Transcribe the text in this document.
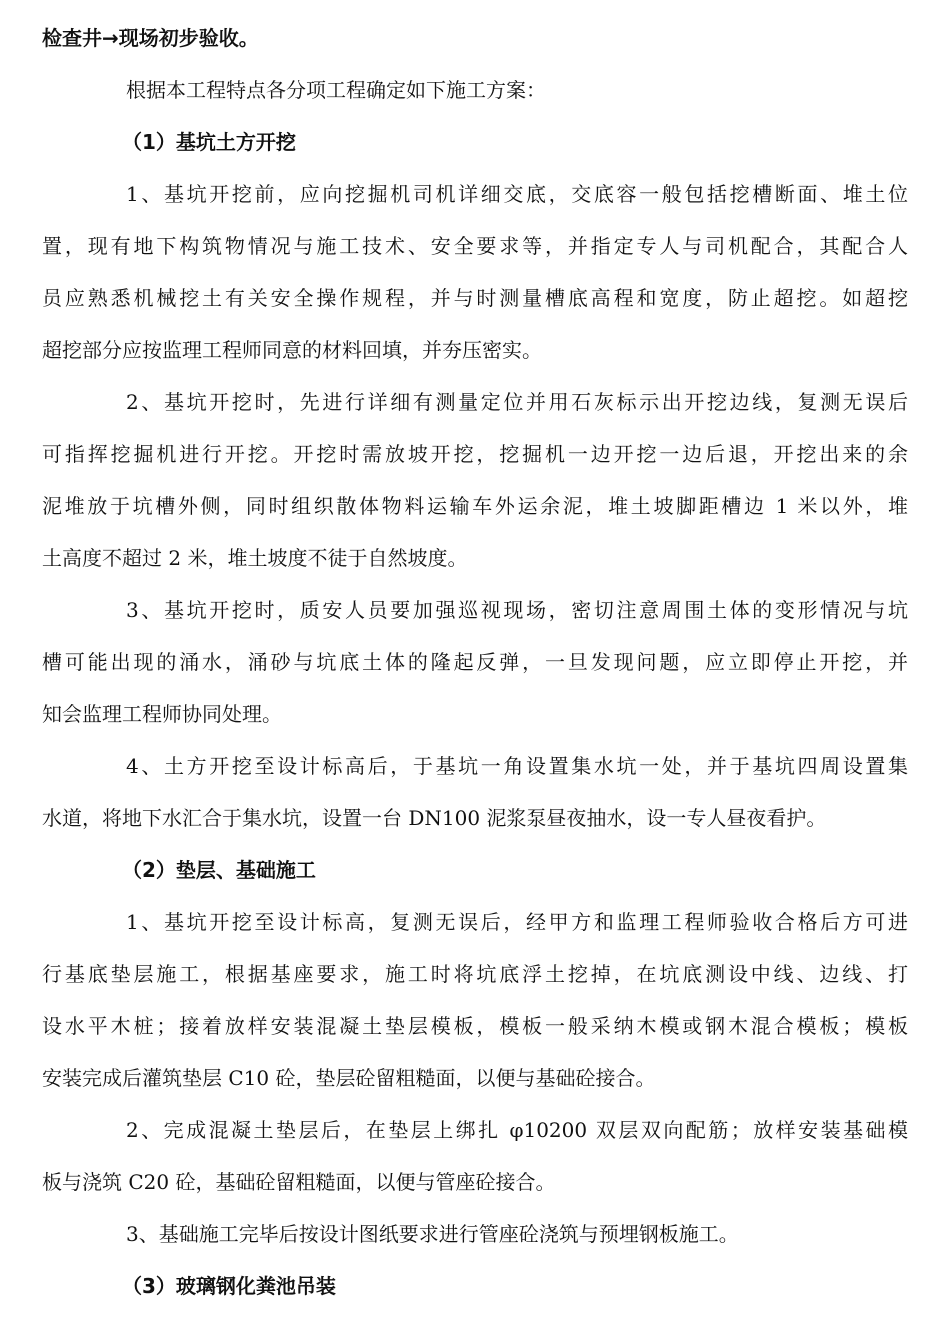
检查井→现场初步验收。

根据本工程特点各分项工程确定如下施工方案：

（1）基坑土方开挖

1、基坑开挖前，应向挖掘机司机详细交底，交底容一般包括挖槽断面、堆土位
置，现有地下构筑物情况与施工技术、安全要求等，并指定专人与司机配合，其配合人
员应熟悉机械挖土有关安全操作规程，并与时测量槽底高程和宽度，防止超挖。如超挖
超挖部分应按监理工程师同意的材料回填，并夯压密实。

2、基坑开挖时，先进行详细有测量定位并用石灰标示出开挖边线，复测无误后
可指挥挖掘机进行开挖。开挖时需放坡开挖，挖掘机一边开挖一边后退，开挖出来的余
泥堆放于坑槽外侧，同时组织散体物料运输车外运余泥，堆土坡脚距槽边 1 米以外，堆
土高度不超过 2 米，堆土坡度不徒于自然坡度。

3、基坑开挖时，质安人员要加强巡视现场，密切注意周围土体的变形情况与坑
槽可能出现的涌水，涌砂与坑底土体的隆起反弹，一旦发现问题，应立即停止开挖，并
知会监理工程师协同处理。

4、土方开挖至设计标高后，于基坑一角设置集水坑一处，并于基坑四周设置集
水道，将地下水汇合于集水坑，设置一台 DN100 泥浆泵昼夜抽水，设一专人昼夜看护。

（2）垫层、基础施工

1、基坑开挖至设计标高，复测无误后，经甲方和监理工程师验收合格后方可进
行基底垫层施工，根据基座要求，施工时将坑底浮土挖掉，在坑底测设中线、边线、打
设水平木桩；接着放样安装混凝土垫层模板，模板一般采纳木模或钢木混合模板；模板
安装完成后灌筑垫层 C10 砼，垫层砼留粗糙面，以便与基础砼接合。

2、完成混凝土垫层后，在垫层上绑扎 φ10200 双层双向配筋；放样安装基础模
板与浇筑 C20 砼，基础砼留粗糙面，以便与管座砼接合。

3、基础施工完毕后按设计图纸要求进行管座砼浇筑与预埋钢板施工。

（3）玻璃钢化粪池吊装
